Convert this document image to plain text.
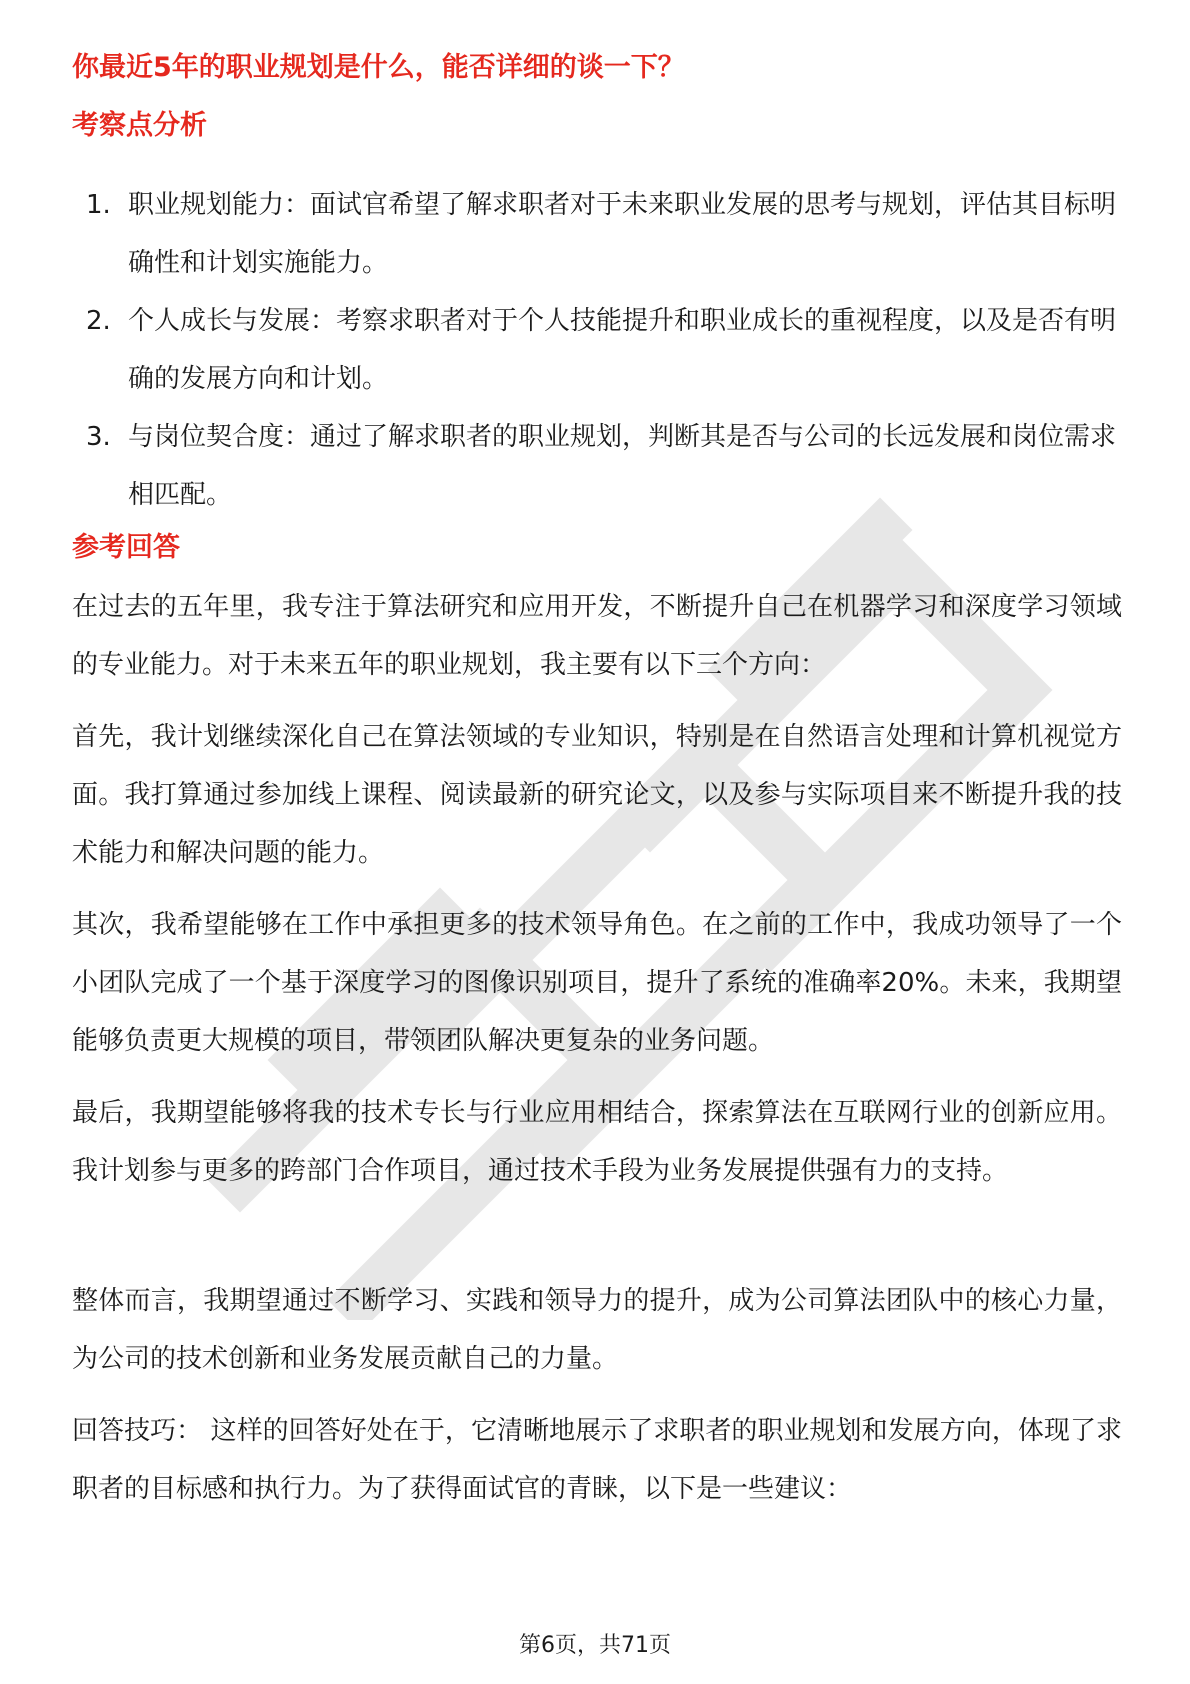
你最近5年的职业规划是什么，能否详细的谈一下？
考察点分析
1. 职业规划能力：面试官希望了解求职者对于未来职业发展的思考与规划，评估其目标明确性和计划实施能力。
2. 个人成长与发展：考察求职者对于个人技能提升和职业成长的重视程度，以及是否有明确的发展方向和计划。
3. 与岗位契合度：通过了解求职者的职业规划，判断其是否与公司的长远发展和岗位需求相匹配。
参考回答

在过去的五年里，我专注于算法研究和应用开发，不断提升自己在机器学习和深度学习领域的专业能力。对于未来五年的职业规划，我主要有以下三个方向：

首先，我计划继续深化自己在算法领域的专业知识，特别是在自然语言处理和计算机视觉方面。我打算通过参加线上课程、阅读最新的研究论文，以及参与实际项目来不断提升我的技术能力和解决问题的能力。

其次，我希望能够在工作中承担更多的技术领导角色。在之前的工作中，我成功领导了一个小团队完成了一个基于深度学习的图像识别项目，提升了系统的准确率20%。未来，我期望能够负责更大规模的项目，带领团队解决更复杂的业务问题。

最后，我期望能够将我的技术专长与行业应用相结合，探索算法在互联网行业的创新应用。我计划参与更多的跨部门合作项目，通过技术手段为业务发展提供强有力的支持。

整体而言，我期望通过不断学习、实践和领导力的提升，成为公司算法团队中的核心力量，为公司的技术创新和业务发展贡献自己的力量。

回答技巧： 这样的回答好处在于，它清晰地展示了求职者的职业规划和发展方向，体现了求职者的目标感和执行力。为了获得面试官的青睐，以下是一些建议：

第6页，共71页
